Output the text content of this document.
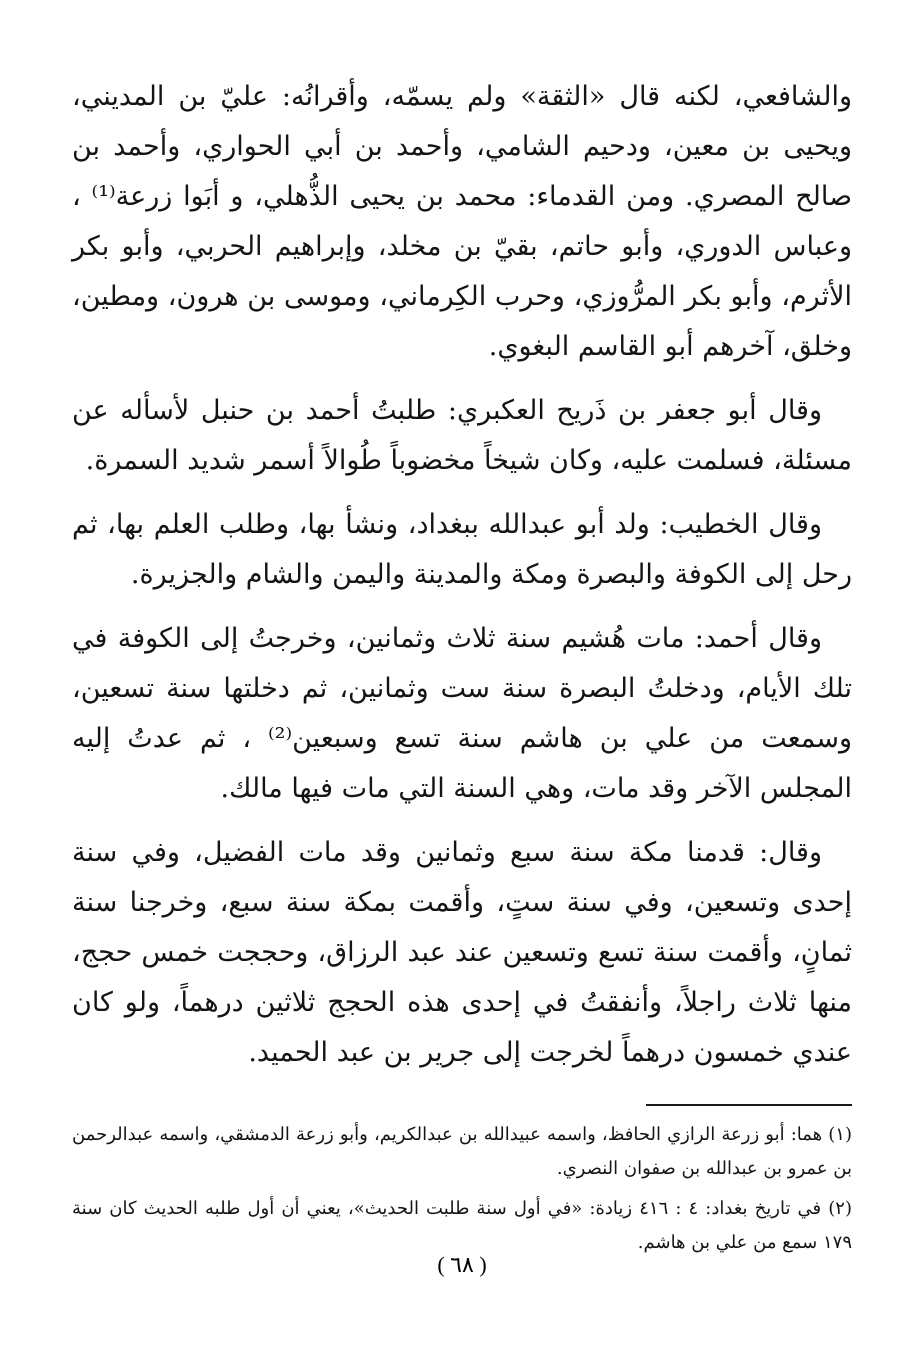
والشافعي، لكنه قال «الثقة» ولم يسمّه، وأقرانُه: عليّ بن المديني، ويحيى بن معين، ودحيم الشامي، وأحمد بن أبي الحواري، وأحمد بن صالح المصري. ومن القدماء: محمد بن يحيى الذُّهلي، و أبَوا زرعة⁽¹⁾ ، وعباس الدوري، وأبو حاتم، بقيّ بن مخلد، وإبراهيم الحربي، وأبو بكر الأثرم، وأبو بكر المرُّوزي، وحرب الكِرماني، وموسى بن هرون، ومطين، وخلق، آخرهم أبو القاسم البغوي.

وقال أبو جعفر بن ذَريح العكبري: طلبتُ أحمد بن حنبل لأسأله عن مسئلة، فسلمت عليه، وكان شيخاً مخضوباً طُوالاً أسمر شديد السمرة.

وقال الخطيب: ولد أبو عبدالله ببغداد، ونشأ بها، وطلب العلم بها، ثم رحل إلى الكوفة والبصرة ومكة والمدينة واليمن والشام والجزيرة.

وقال أحمد: مات هُشيم سنة ثلاث وثمانين، وخرجتُ إلى الكوفة في تلك الأيام، ودخلتُ البصرة سنة ست وثمانين، ثم دخلتها سنة تسعين، وسمعت من علي بن هاشم سنة تسع وسبعين⁽²⁾ ، ثم عدتُ إليه المجلس الآخر وقد مات، وهي السنة التي مات فيها مالك.

وقال: قدمنا مكة سنة سبع وثمانين وقد مات الفضيل، وفي سنة إحدى وتسعين، وفي سنة ستٍ، وأقمت بمكة سنة سبع، وخرجنا سنة ثمانٍ، وأقمت سنة تسع وتسعين عند عبد الرزاق، وحججت خمس حجج، منها ثلاث راجلاً، وأنفقتُ في إحدى هذه الحجج ثلاثين درهماً، ولو كان عندي خمسون درهماً لخرجت إلى جرير بن عبد الحميد.

(١) هما: أبو زرعة الرازي الحافظ، واسمه عبيدالله بن عبدالكريم، وأبو زرعة الدمشقي، واسمه عبدالرحمن بن عمرو بن عبدالله بن صفوان النصري.

(٢) في تاريخ بغداد: ٤ : ٤١٦ زيادة: «في أول سنة طلبت الحديث»، يعني أن أول طلبه الحديث كان سنة ١٧٩ سمع من علي بن هاشم.

( ٦٨ )
